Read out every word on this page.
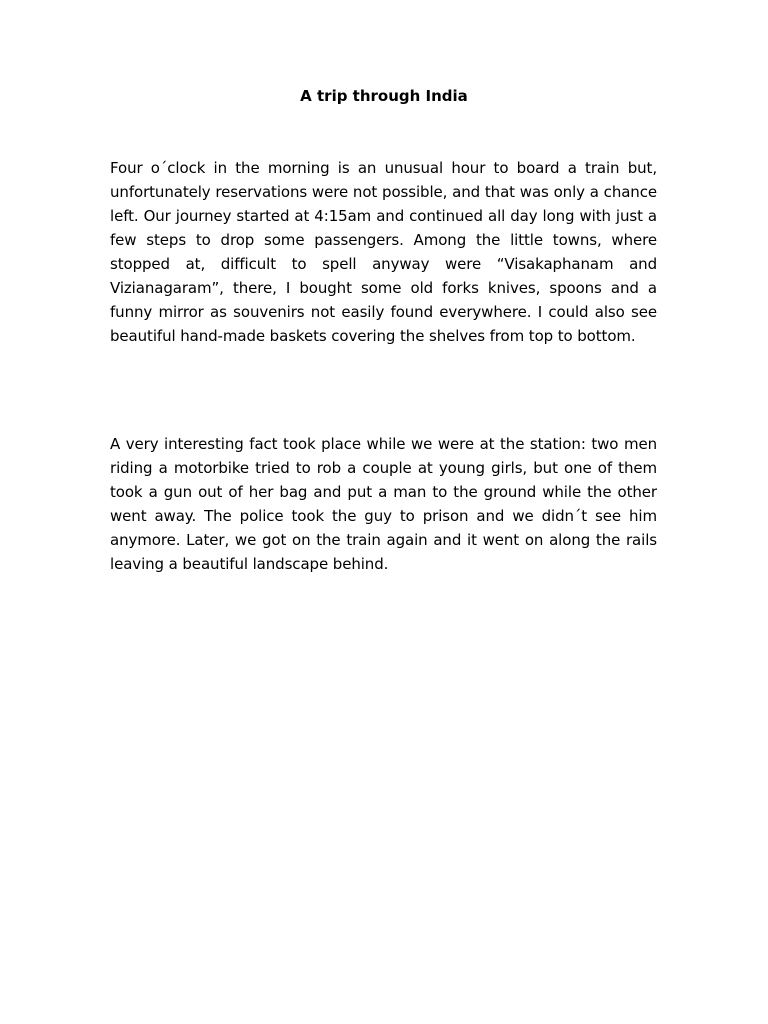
A trip through India

Four o´clock in the morning is an unusual hour to board a train but, unfortunately reservations were not possible, and that was only a chance left. Our journey started at 4:15am and continued all day long with just a few steps to drop some passengers. Among the little towns, where stopped at, difficult to spell anyway were “Visakaphanam and Vizianagaram”, there, I bought some old forks knives, spoons and a funny mirror as souvenirs not easily found everywhere. I could also see beautiful hand-made baskets covering the shelves from top to bottom.

A very interesting fact took place while we were at the station: two men riding a motorbike tried to rob a couple at young girls, but one of them took a gun out of her bag and put a man to the ground while the other went away. The police took the guy to prison and we didn´t see him anymore. Later, we got on the train again and it went on along the rails leaving a beautiful landscape behind.
